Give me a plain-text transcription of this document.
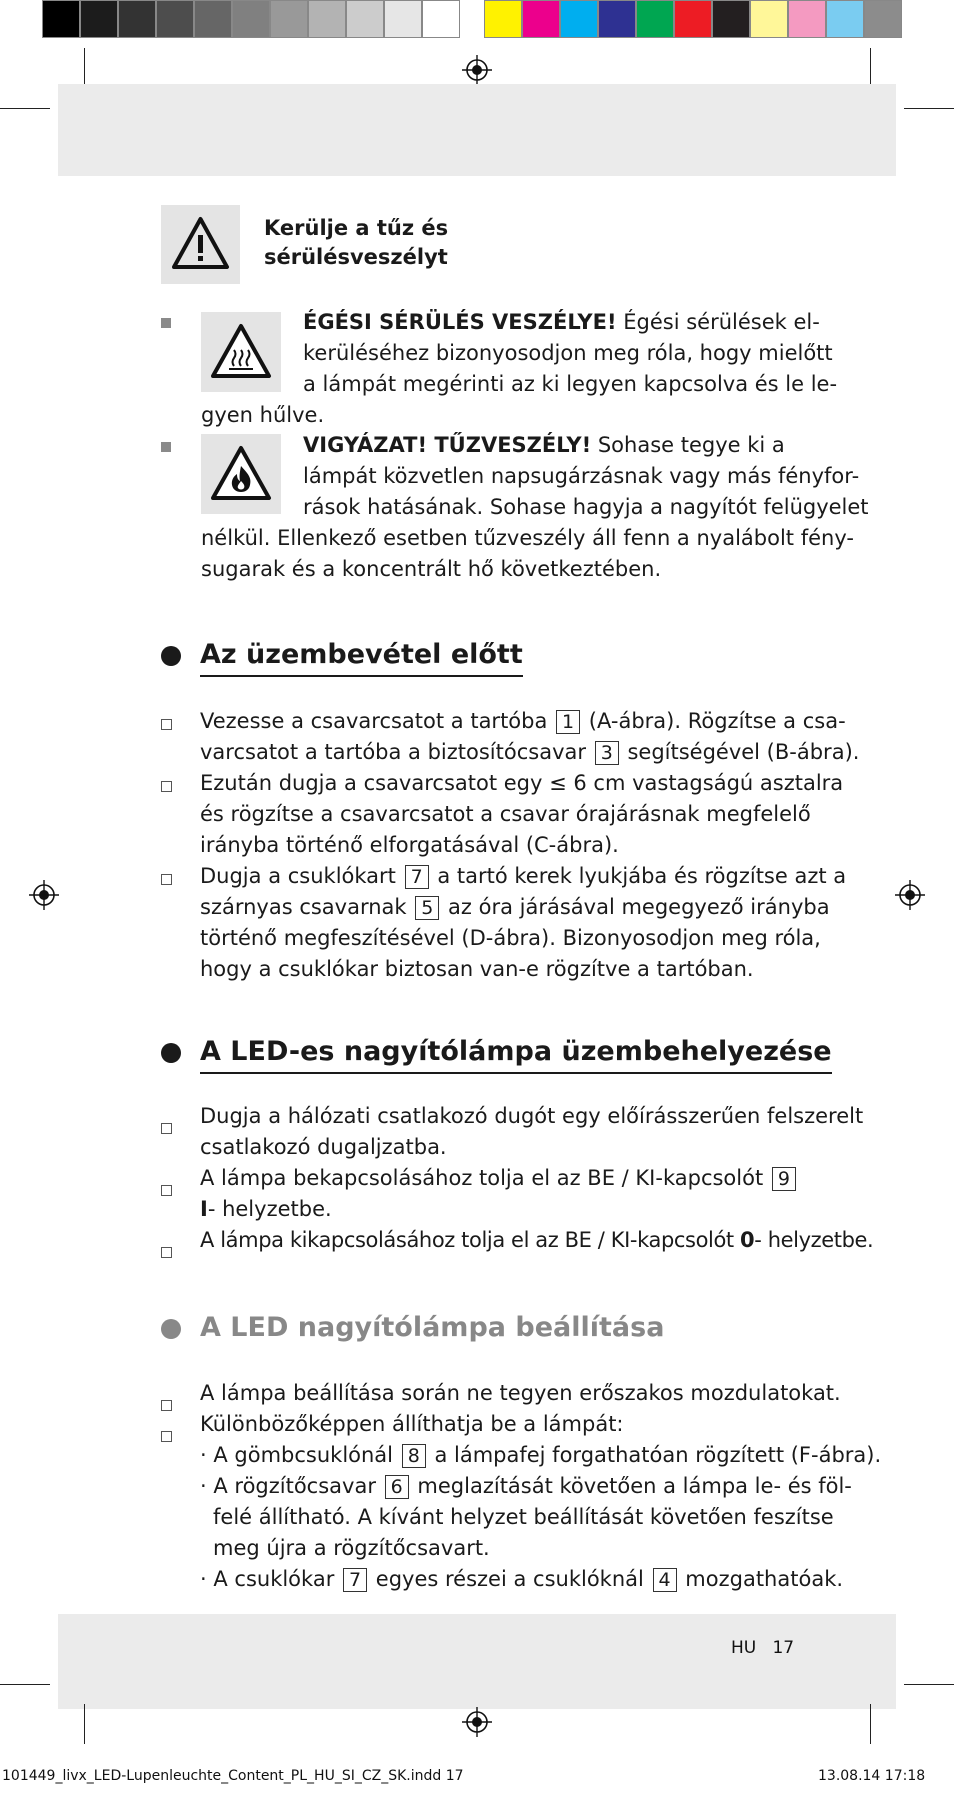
Kerülje a tűz és
sérülésveszélyt
ÉGÉSI SÉRÜLÉS VESZÉLYE! Égési sérülések el-
kerüléséhez bizonyosodjon meg róla, hogy mielőtt
a lámpát megérinti az ki legyen kapcsolva és le le-
gyen hűlve.
VIGYÁZAT! TŰZVESZÉLY! Sohase tegye ki a
lámpát közvetlen napsugárzásnak vagy más fényfor-
rások hatásának. Sohase hagyja a nagyítót felügyelet
nélkül. Ellenkező esetben tűzveszély áll fenn a nyalábolt fény-
sugarak és a koncentrált hő következtében.
Az üzembevétel előtt
Vezesse a csavarcsatot a tartóba 1 (A-ábra). Rögzítse a csa-
varcsatot a tartóba a biztosítócsavar 3 segítségével (B-ábra).
Ezután dugja a csavarcsatot egy ≤ 6 cm vastagságú asztalra
és rögzítse a csavarcsatot a csavar órajárásnak megfelelő
irányba történő elforgatásával (C-ábra).
Dugja a csuklókart 7 a tartó kerek lyukjába és rögzítse azt a
szárnyas csavarnak 5 az óra járásával megegyező irányba
történő megfeszítésével (D-ábra). Bizonyosodjon meg róla,
hogy a csuklókar biztosan van-e rögzítve a tartóban.
A LED-es nagyítólámpa üzembehelyezése
Dugja a hálózati csatlakozó dugót egy előírásszerűen felszerelt
csatlakozó dugaljzatba.
A lámpa bekapcsolásához tolja el az BE / KI-kapcsolót 9
I- helyzetbe.
A lámpa kikapcsolásához tolja el az BE / KI-kapcsolót 0- helyzetbe.
A LED nagyítólámpa beállítása
A lámpa beállítása során ne tegyen erőszakos mozdulatokat.
Különbözőképpen állíthatja be a lámpát:
· A gömbcsuklónál 8 a lámpafej forgathatóan rögzített (F-ábra).
· A rögzítőcsavar 6 meglazítását követően a lámpa le- és föl-
felé állítható. A kívánt helyzet beállítását követően feszítse
meg újra a rögzítőcsavart.
· A csuklókar 7 egyes részei a csuklóknál 4 mozgathatóak.
HU 17
101449_livx_LED-Lupenleuchte_Content_PL_HU_SI_CZ_SK.indd 17	13.08.14 17:18
